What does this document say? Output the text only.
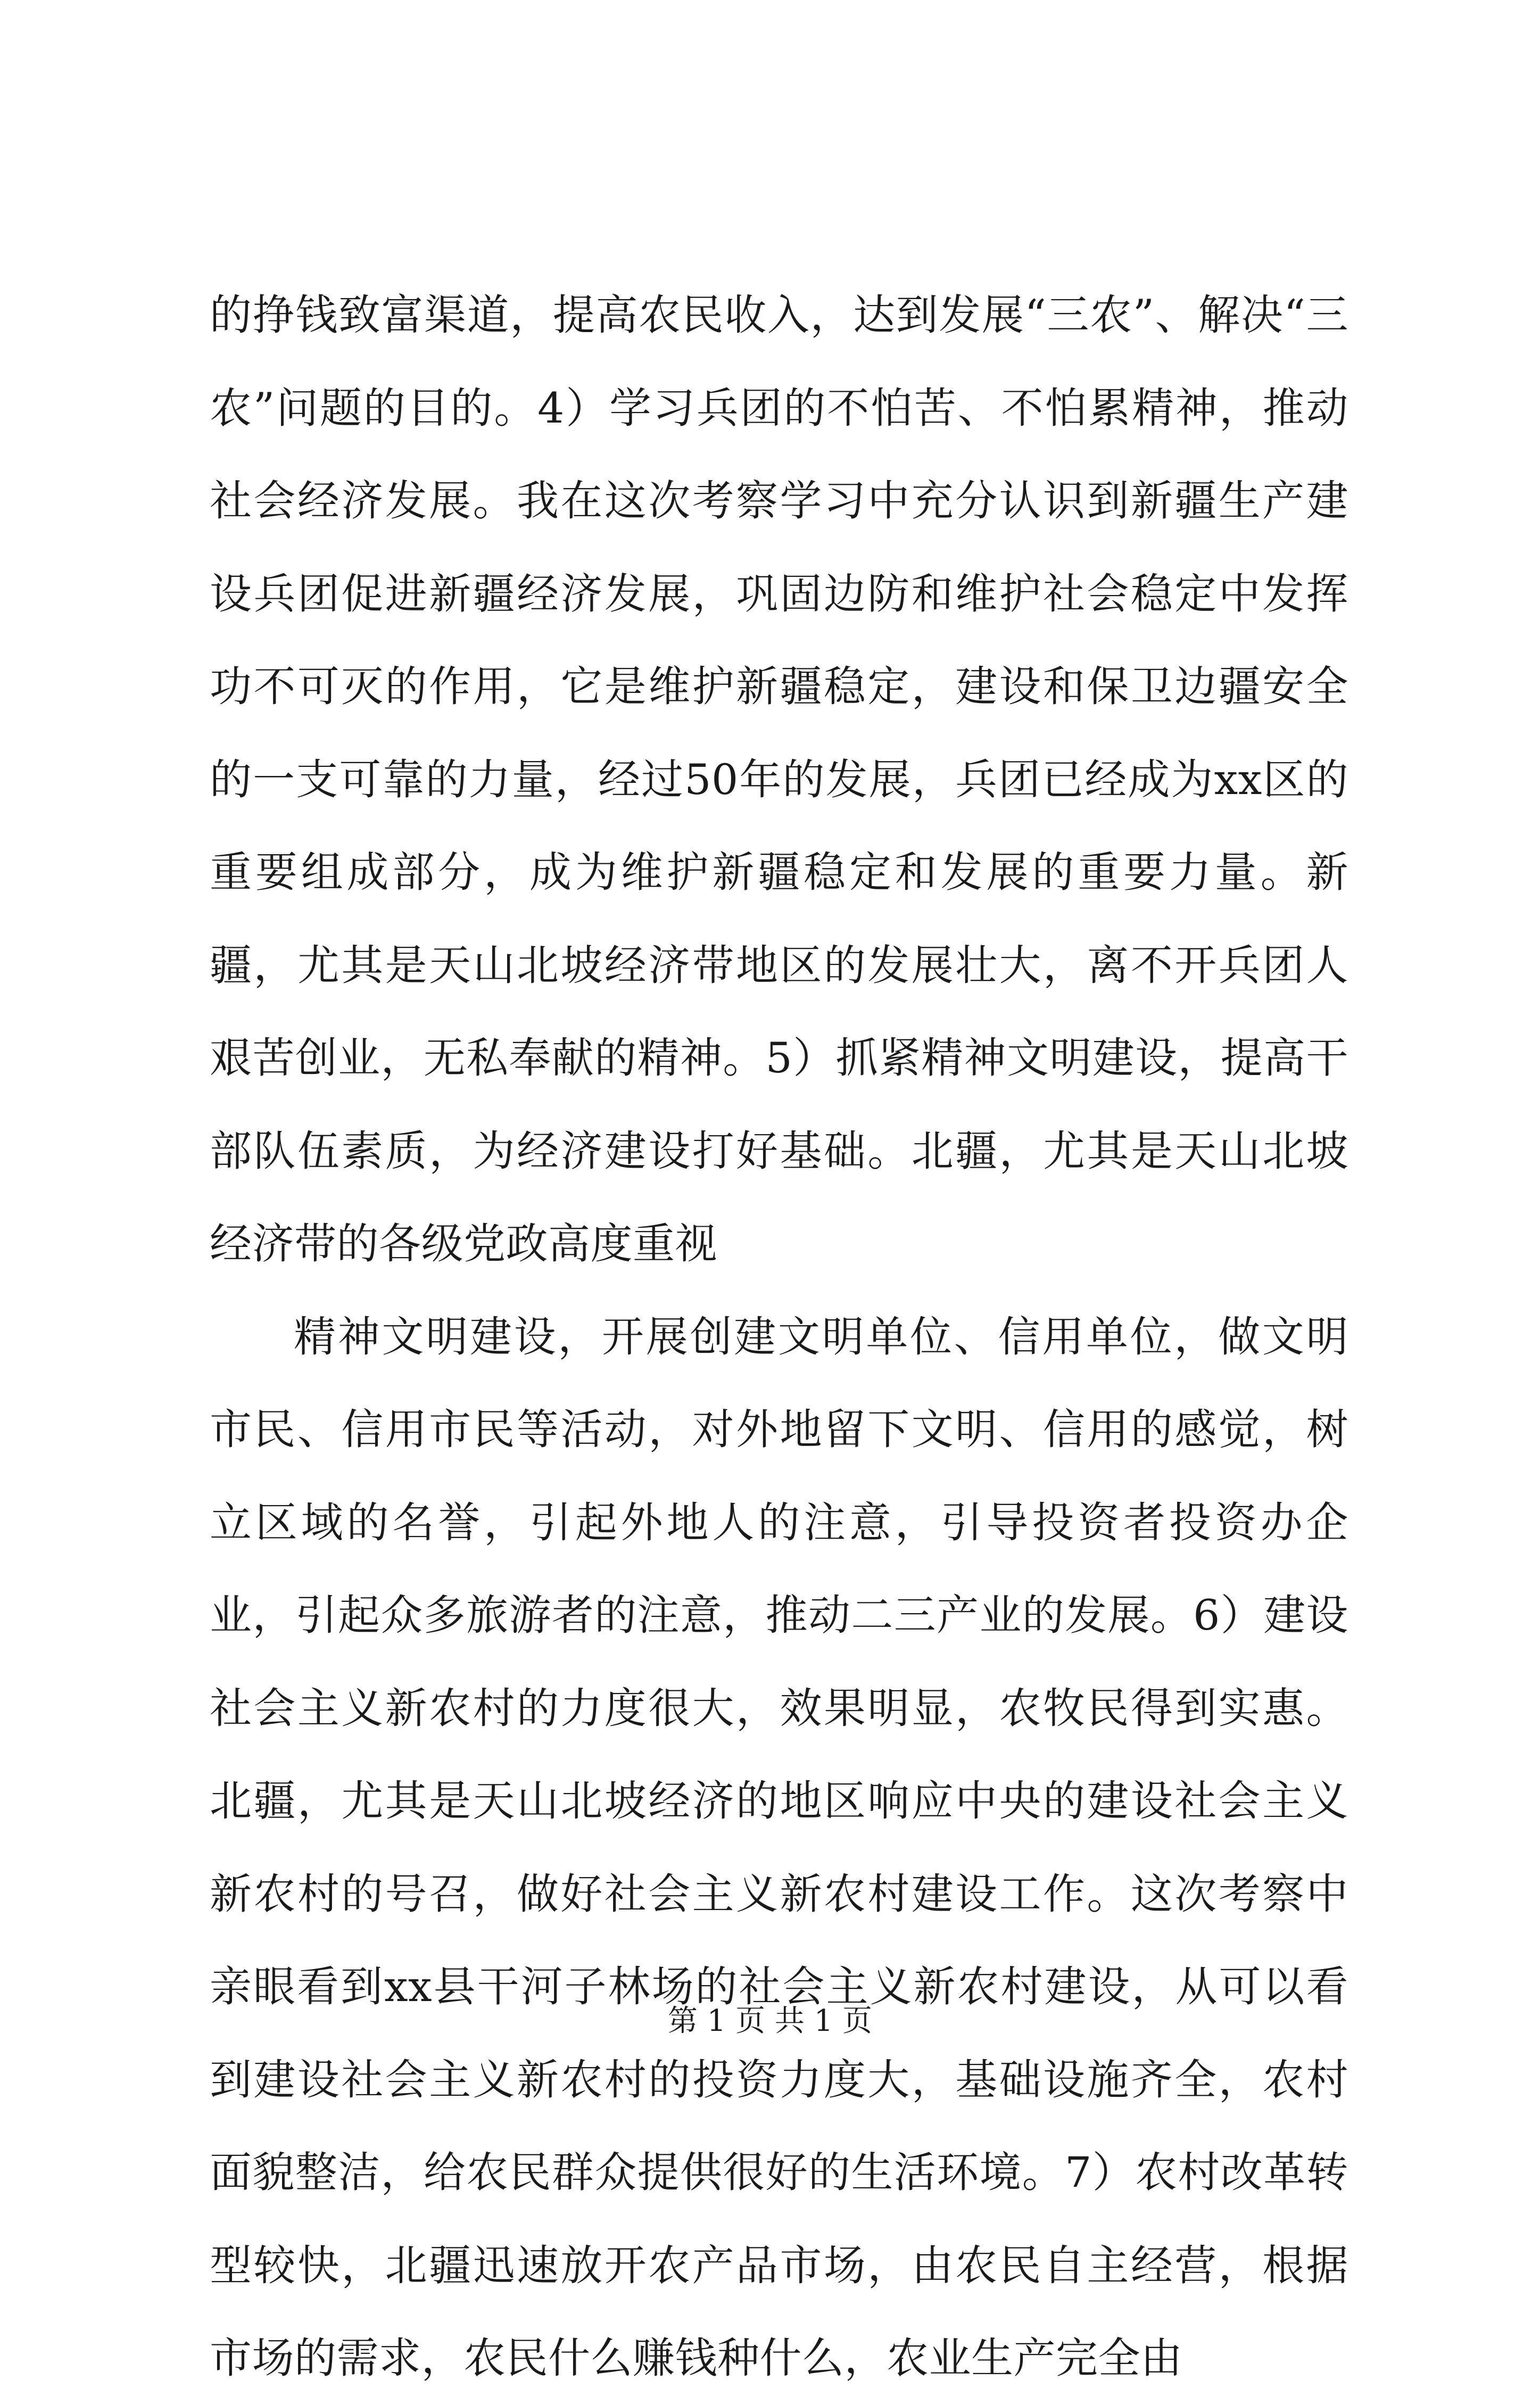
的挣钱致富渠道，提高农民收入，达到发展“三农”、解决“三农”问题的目的。4）学习兵团的不怕苦、不怕累精神，推动社会经济发展。我在这次考察学习中充分认识到新疆生产建设兵团促进新疆经济发展，巩固边防和维护社会稳定中发挥功不可灭的作用，它是维护新疆稳定，建设和保卫边疆安全的一支可靠的力量，经过50年的发展，兵团已经成为xx区的重要组成部分，成为维护新疆稳定和发展的重要力量。新疆，尤其是天山北坡经济带地区的发展壮大，离不开兵团人艰苦创业，无私奉献的精神。5）抓紧精神文明建设，提高干部队伍素质，为经济建设打好基础。北疆，尤其是天山北坡经济带的各级党政高度重视

精神文明建设，开展创建文明单位、信用单位，做文明市民、信用市民等活动，对外地留下文明、信用的感觉，树立区域的名誉，引起外地人的注意，引导投资者投资办企业，引起众多旅游者的注意，推动二三产业的发展。6）建设社会主义新农村的力度很大，效果明显，农牧民得到实惠。北疆，尤其是天山北坡经济的地区响应中央的建设社会主义新农村的号召，做好社会主义新农村建设工作。这次考察中亲眼看到xx县干河子林场的社会主义新农村建设，从可以看到建设社会主义新农村的投资力度大，基础设施齐全，农村面貌整洁，给农民群众提供很好的生活环境。7）农村改革转型较快，北疆迅速放开农产品市场，由农民自主经营，根据市场的需求，农民什么赚钱种什么，农业生产完全由

第 1 页 共 1 页
